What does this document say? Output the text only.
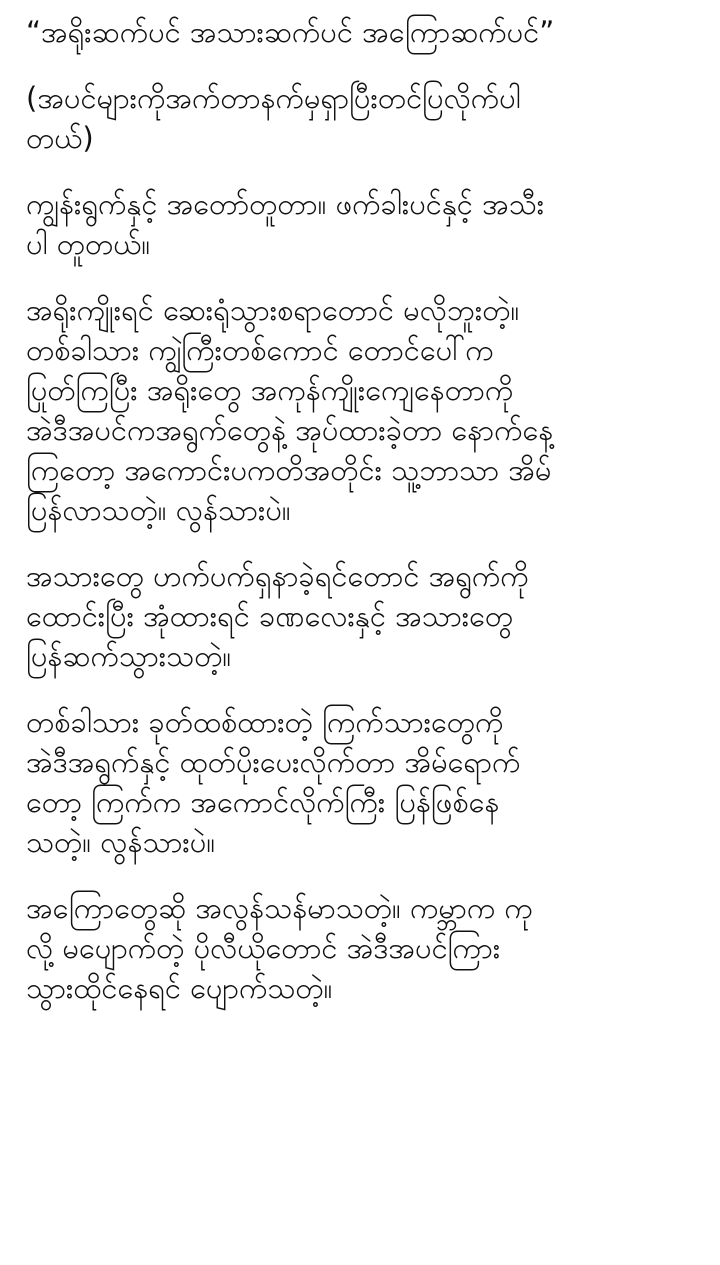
“အရိုးဆက်ပင် အသားဆက်ပင် အကြောဆက်ပင်”

(အပင်များကိုအက်တာနက်မှရှာပြီးတင်ပြလိုက်ပါ
တယ်)

ကျွန်းရွက်နှင့် အတော်တူတာ။ ဖက်ခါးပင်နှင့် အသီး
ပါ တူတယ်။

အရိုးကျိုးရင် ဆေးရုံသွားစရာတောင် မလိုဘူးတဲ့။
တစ်ခါသား ကျွဲကြီးတစ်ကောင် တောင်ပေါ်က
ပြုတ်ကြပြီး အရိုးတွေ အကုန်ကျိုးကျေနေတာကို
အဲဒီအပင်ကအရွက်တွေနဲ့ အုပ်ထားခဲ့တာ နောက်နေ့
ကြတော့ အကောင်းပကတိအတိုင်း သူ့ဘာသာ အိမ်
ပြန်လာသတဲ့။ လွန်သားပဲ။

အသားတွေ ဟက်ပက်ရှနာခဲ့ရင်တောင် အရွက်ကို
ထောင်းပြီး အုံထားရင် ခဏလေးနှင့် အသားတွေ
ပြန်ဆက်သွားသတဲ့။

တစ်ခါသား ခုတ်ထစ်ထားတဲ့ ကြက်သားတွေကို
အဲဒီအရွက်နှင့် ထုတ်ပိုးပေးလိုက်တာ အိမ်ရောက်
တော့ ကြက်က အကောင်လိုက်ကြီး ပြန်ဖြစ်နေ
သတဲ့။ လွန်သားပဲ။

အကြောတွေဆို အလွန်သန်မာသတဲ့။ ကမ္ဘာက ကု
လို့ မပျောက်တဲ့ ပိုလီယိုတောင် အဲဒီအပင်ကြား
သွားထိုင်နေရင် ပျောက်သတဲ့။
